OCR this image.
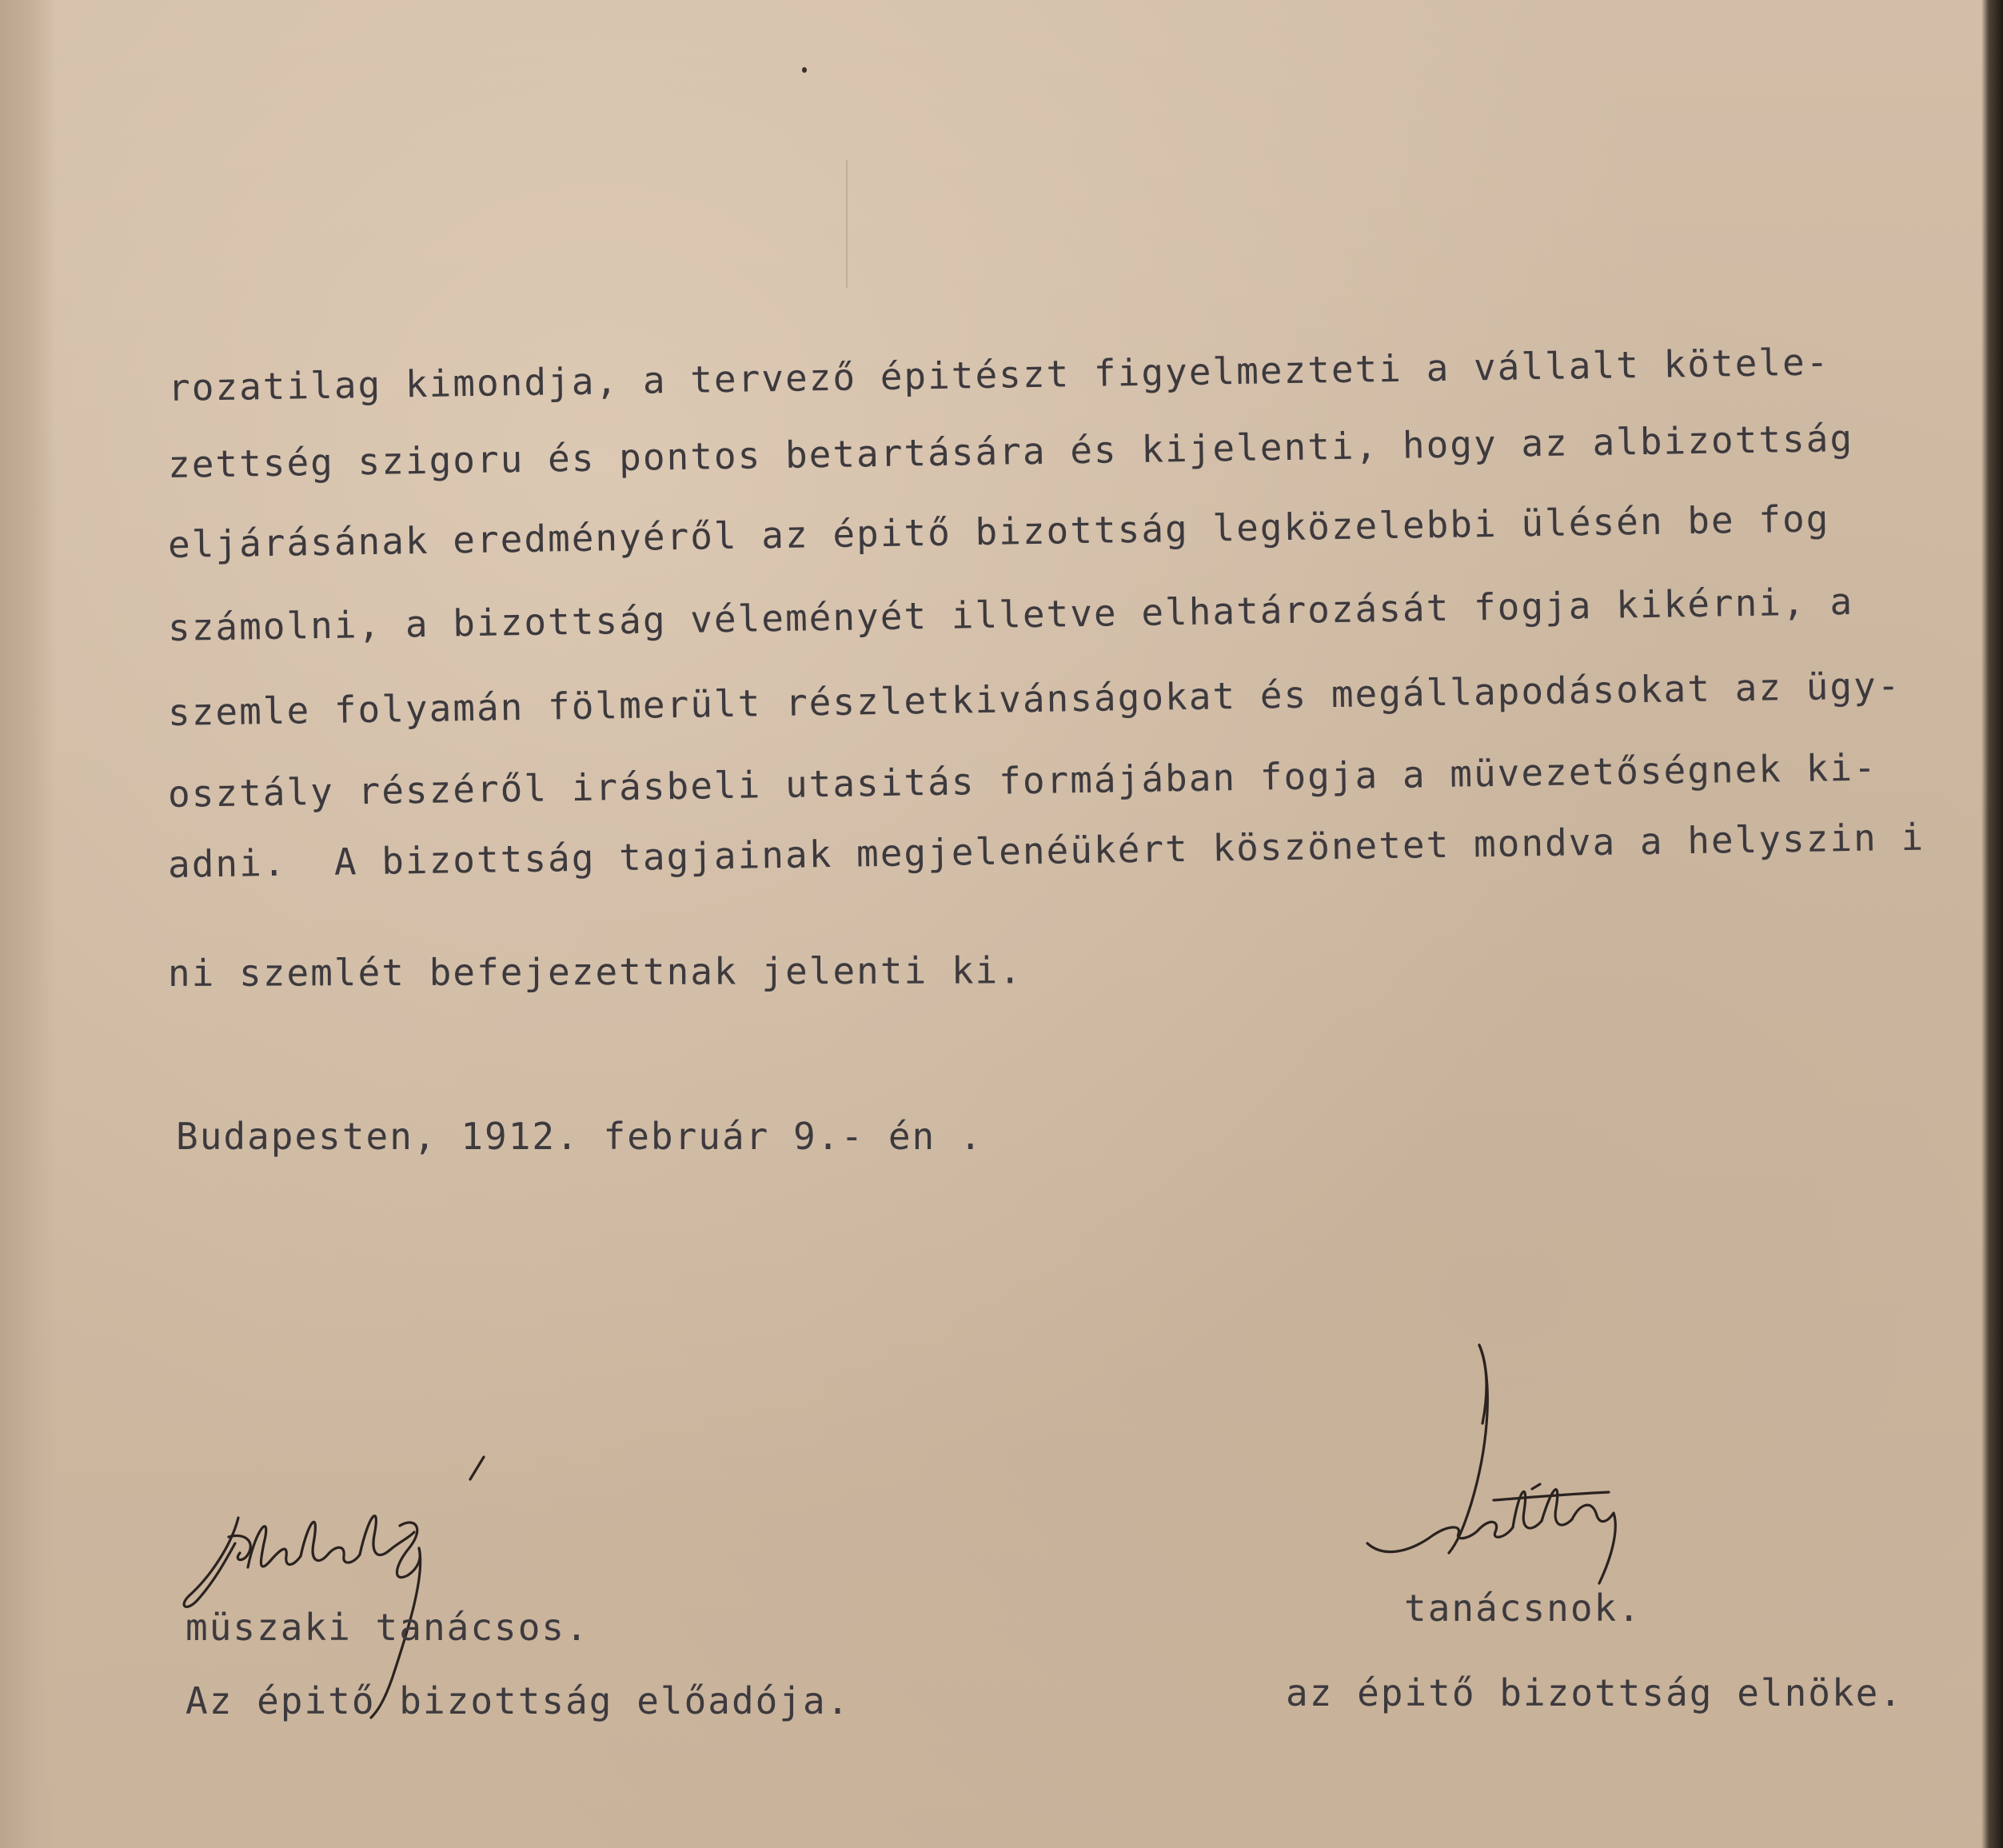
rozatilag kimondja, a tervező épitészt figyelmezteti a vállalt kötele-
zettség szigoru és pontos betartására és kijelenti, hogy az albizottság
eljárásának eredményéről az épitő bizottság legközelebbi ülésén be fog
számolni, a bizottság véleményét illetve elhatározását fogja kikérni, a
szemle folyamán fölmerült részletkivánságokat és megállapodásokat az ügy-
osztály részéről irásbeli utasitás formájában fogja a müvezetőségnek ki-
adni.  A bizottság tagjainak megjelenéükért köszönetet mondva a helyszin i
ni szemlét befejezettnak jelenti ki.
Budapesten, 1912. február 9.- én .
müszaki tanácsos.
Az épitő bizottság előadója.
tanácsnok.
az épitő bizottság elnöke.
